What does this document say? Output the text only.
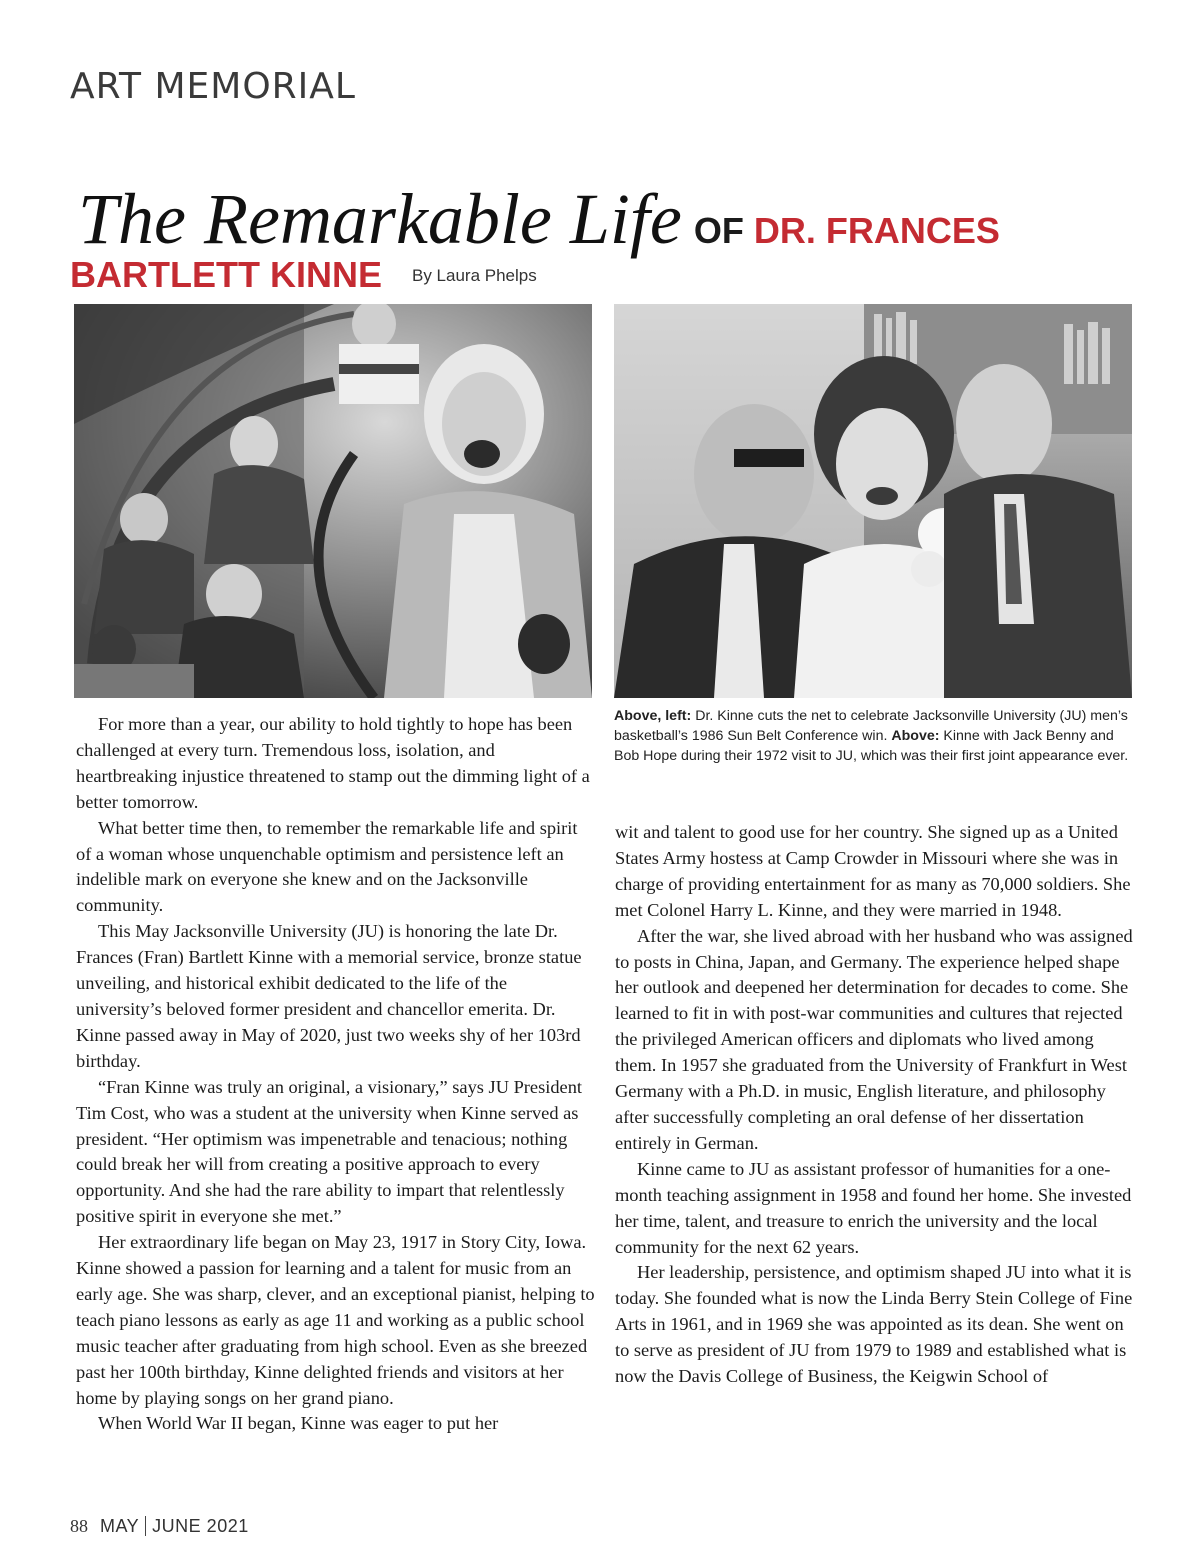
ART MEMORIAL
The Remarkable Life OF DR. FRANCES
BARTLETT KINNE By Laura Phelps
Above, left: Dr. Kinne cuts the net to celebrate Jacksonville University (JU) men’s basketball’s 1986 Sun Belt Conference win. Above: Kinne with Jack Benny and Bob Hope during their 1972 visit to JU, which was their first joint appearance ever.

For more than a year, our ability to hold tightly to hope has been challenged at every turn. Tremendous loss, isolation, and heartbreaking injustice threatened to stamp out the dimming light of a better tomorrow.

What better time then, to remember the remarkable life and spirit of a woman whose unquenchable optimism and persistence left an indelible mark on everyone she knew and on the Jacksonville community.

This May Jacksonville University (JU) is honoring the late Dr. Frances (Fran) Bartlett Kinne with a memorial service, bronze statue unveiling, and historical exhibit dedicated to the life of the university’s beloved former president and chancellor emerita. Dr. Kinne passed away in May of 2020, just two weeks shy of her 103rd birthday.

“Fran Kinne was truly an original, a visionary,” says JU President Tim Cost, who was a student at the university when Kinne served as president. “Her optimism was impenetrable and tenacious; nothing could break her will from creating a positive approach to every opportunity. And she had the rare ability to impart that relentlessly positive spirit in everyone she met.”

Her extraordinary life began on May 23, 1917 in Story City, Iowa. Kinne showed a passion for learning and a talent for music from an early age. She was sharp, clever, and an exceptional pianist, helping to teach piano lessons as early as age 11 and working as a public school music teacher after graduating from high school. Even as she breezed past her 100th birthday, Kinne delighted friends and visitors at her home by playing songs on her grand piano.

When World War II began, Kinne was eager to put her

wit and talent to good use for her country. She signed up as a United States Army hostess at Camp Crowder in Missouri where she was in charge of providing entertainment for as many as 70,000 soldiers. She met Colonel Harry L. Kinne, and they were married in 1948.

After the war, she lived abroad with her husband who was assigned to posts in China, Japan, and Germany. The experience helped shape her outlook and deepened her determination for decades to come. She learned to fit in with post-war communities and cultures that rejected the privileged American officers and diplomats who lived among them. In 1957 she graduated from the University of Frankfurt in West Germany with a Ph.D. in music, English literature, and philosophy after successfully completing an oral defense of her dissertation entirely in German.

Kinne came to JU as assistant professor of humanities for a one-month teaching assignment in 1958 and found her home. She invested her time, talent, and treasure to enrich the university and the local community for the next 62 years.

Her leadership, persistence, and optimism shaped JU into what it is today. She founded what is now the Linda Berry Stein College of Fine Arts in 1961, and in 1969 she was appointed as its dean. She went on to serve as president of JU from 1979 to 1989 and established what is now the Davis College of Business, the Keigwin School of

88 MAY JUNE 2021
